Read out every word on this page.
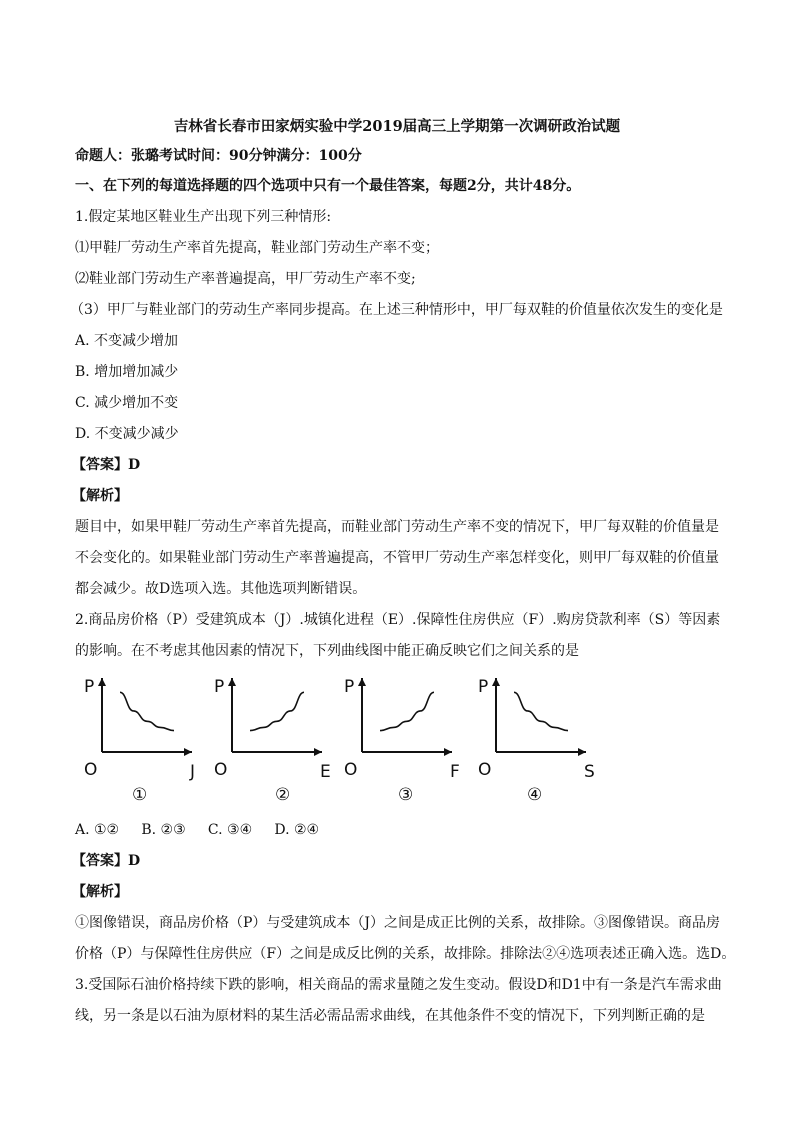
吉林省长春市田家炳实验中学2019届高三上学期第一次调研政治试题
命题人：张璐考试时间：90分钟满分：100分
一、在下列的每道选择题的四个选项中只有一个最佳答案，每题2分，共计48分。
1.假定某地区鞋业生产出现下列三种情形:
⑴甲鞋厂劳动生产率首先提高，鞋业部门劳动生产率不变；
⑵鞋业部门劳动生产率普遍提高，甲厂劳动生产率不变;
（3）甲厂与鞋业部门的劳动生产率同步提高。在上述三种情形中，甲厂每双鞋的价值量依次发生的变化是
A. 不变减少增加
B. 增加增加减少
C. 减少增加不变
D. 不变减少减少
【答案】D
【解析】
题目中，如果甲鞋厂劳动生产率首先提高，而鞋业部门劳动生产率不变的情况下，甲厂每双鞋的价值量是
不会变化的。如果鞋业部门劳动生产率普遍提高，不管甲厂劳动生产率怎样变化，则甲厂每双鞋的价值量
都会减少。故D选项入选。其他选项判断错误。
2.商品房价格（P）受建筑成本（J）.城镇化进程（E）.保障性住房供应（F）.购房贷款利率（S）等因素
的影响。在不考虑其他因素的情况下，下列曲线图中能正确反映它们之间关系的是
P
O	J
P
O	E
P
O	F
P
O	S
①	②	③	④
A. ①②     B. ②③     C. ③④     D. ②④
【答案】D
【解析】
①图像错误，商品房价格（P）与受建筑成本（J）之间是成正比例的关系，故排除。③图像错误。商品房
价格（P）与保障性住房供应（F）之间是成反比例的关系，故排除。排除法②④选项表述正确入选。选D。
3.受国际石油价格持续下跌的影响，相关商品的需求量随之发生变动。假设D和D1中有一条是汽车需求曲
线，另一条是以石油为原材料的某生活必需品需求曲线，在其他条件不变的情况下，下列判断正确的是
